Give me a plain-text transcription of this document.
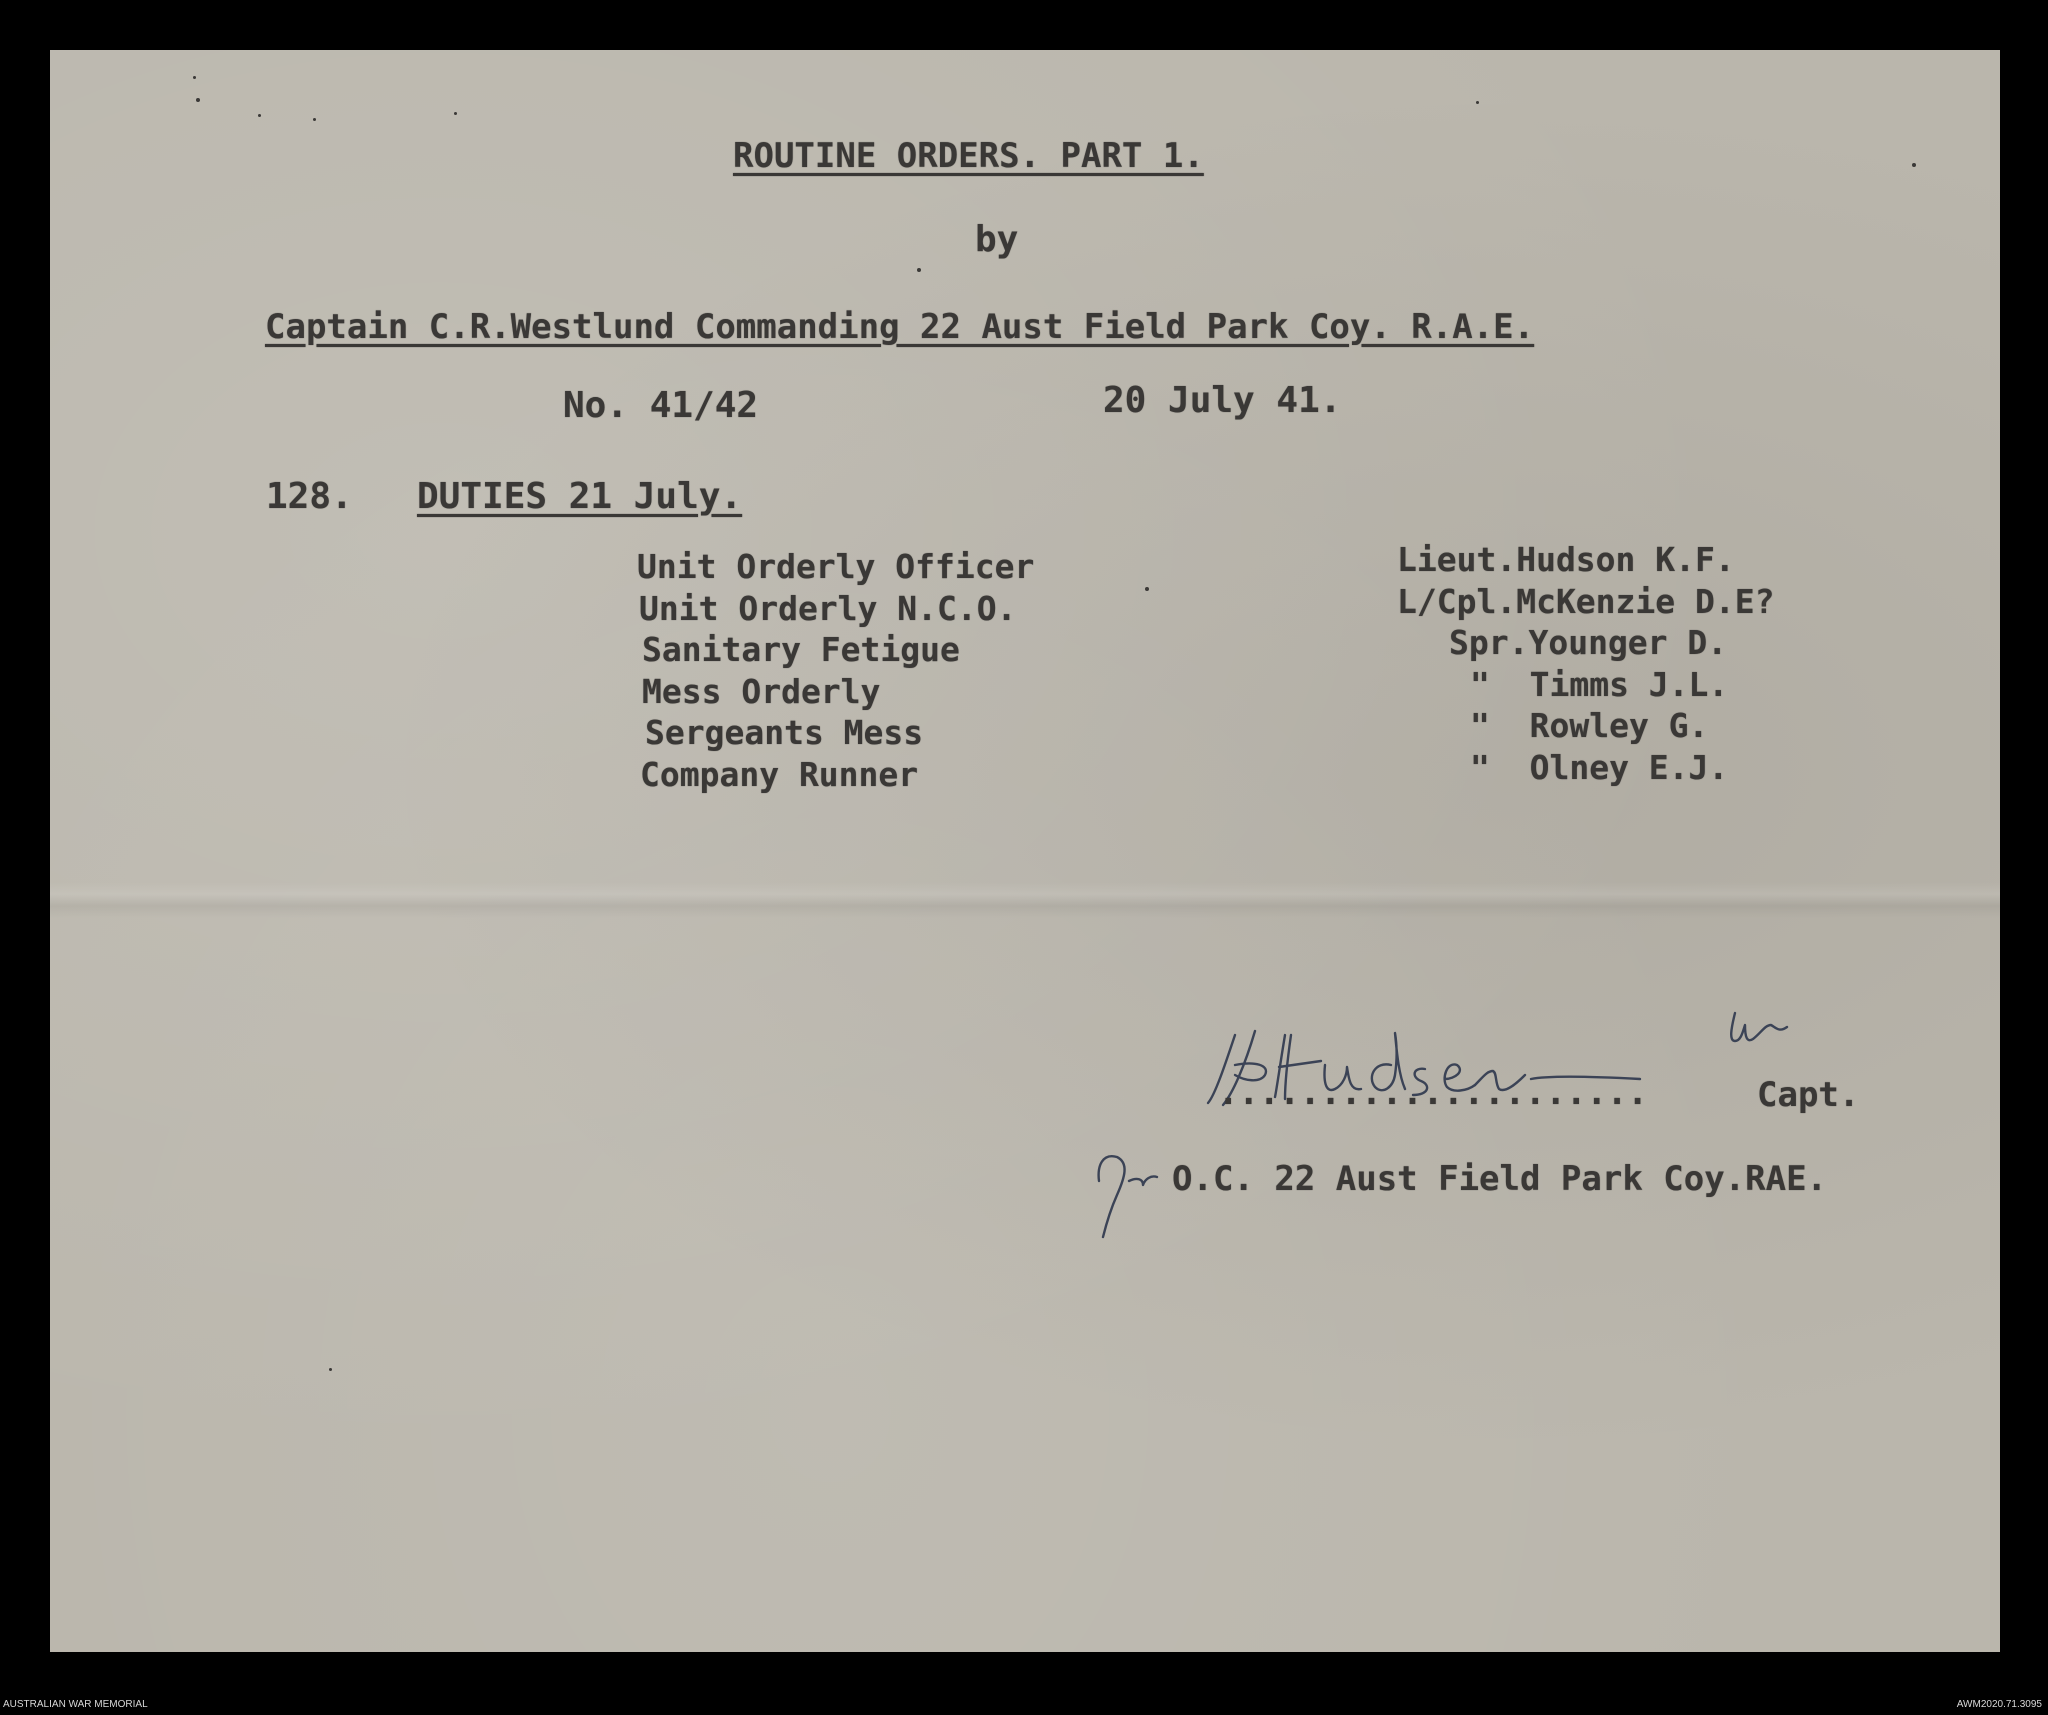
ROUTINE ORDERS. PART 1.
by
Captain C.R.Westlund Commanding 22 Aust Field Park Coy. R.A.E.
No. 41/42	20 July 41.
128. DUTIES 21 July.
Unit Orderly Officer	Lieut.Hudson K.F.
Unit Orderly N.C.O.	L/Cpl.McKenzie D.E?
Sanitary Fetigue	Spr.Younger D.
Mess Orderly	"  Timms J.L.
Sergeants Mess	"  Rowley G.
Company Runner	"  Olney E.J.
.....................	Capt.
O.C. 22 Aust Field Park Coy.RAE.
AUSTRALIAN WAR MEMORIAL	AWM2020.71.3095
